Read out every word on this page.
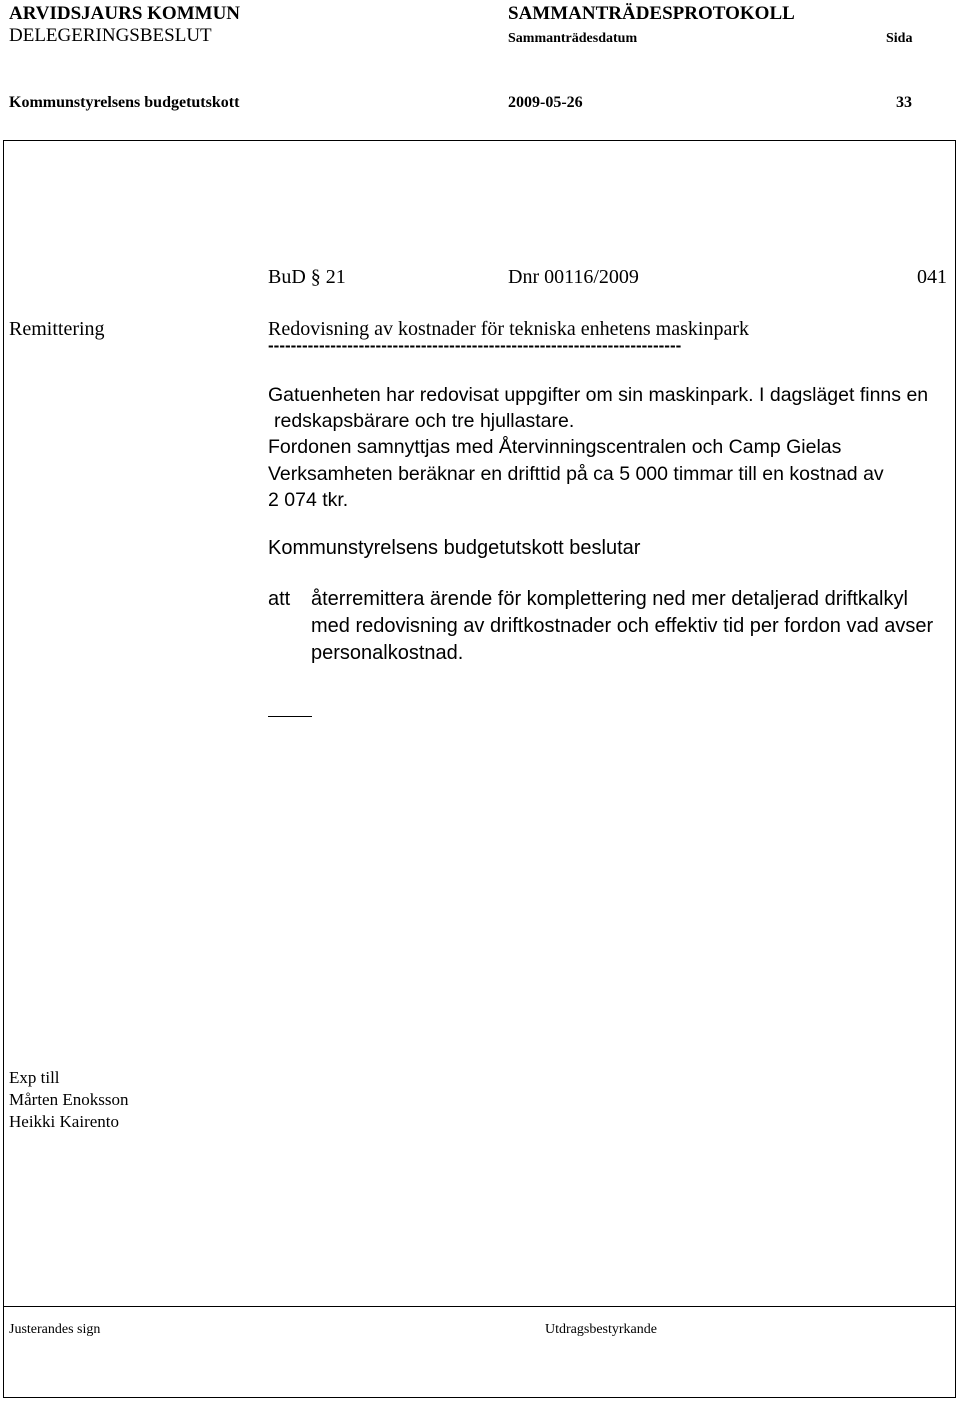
ARVIDSJAURS KOMMUN
DELEGERINGSBESLUT
SAMMANTRÄDESPROTOKOLL
Sammanträdesdatum	Sida
Kommunstyrelsens budgetutskott	2009-05-26	33
BuD § 21	Dnr 00116/2009	041
Remittering	Redovisning av kostnader för tekniska enhetens maskinpark
-------------------------------------------------------------------------
Gatuenheten har redovisat uppgifter om sin maskinpark. I dagsläget finns en
redskapsbärare och tre hjullastare.
Fordonen samnyttjas med Återvinningscentralen och Camp Gielas
Verksamheten beräknar en drifttid på ca 5 000 timmar till en kostnad av
2 074 tkr.
Kommunstyrelsens budgetutskott beslutar
att återremittera ärende för komplettering ned mer detaljerad driftkalkyl
med redovisning av driftkostnader och effektiv tid per fordon vad avser
personalkostnad.
Exp till
Mårten Enoksson
Heikki Kairento
Justerandes sign	Utdragsbestyrkande
